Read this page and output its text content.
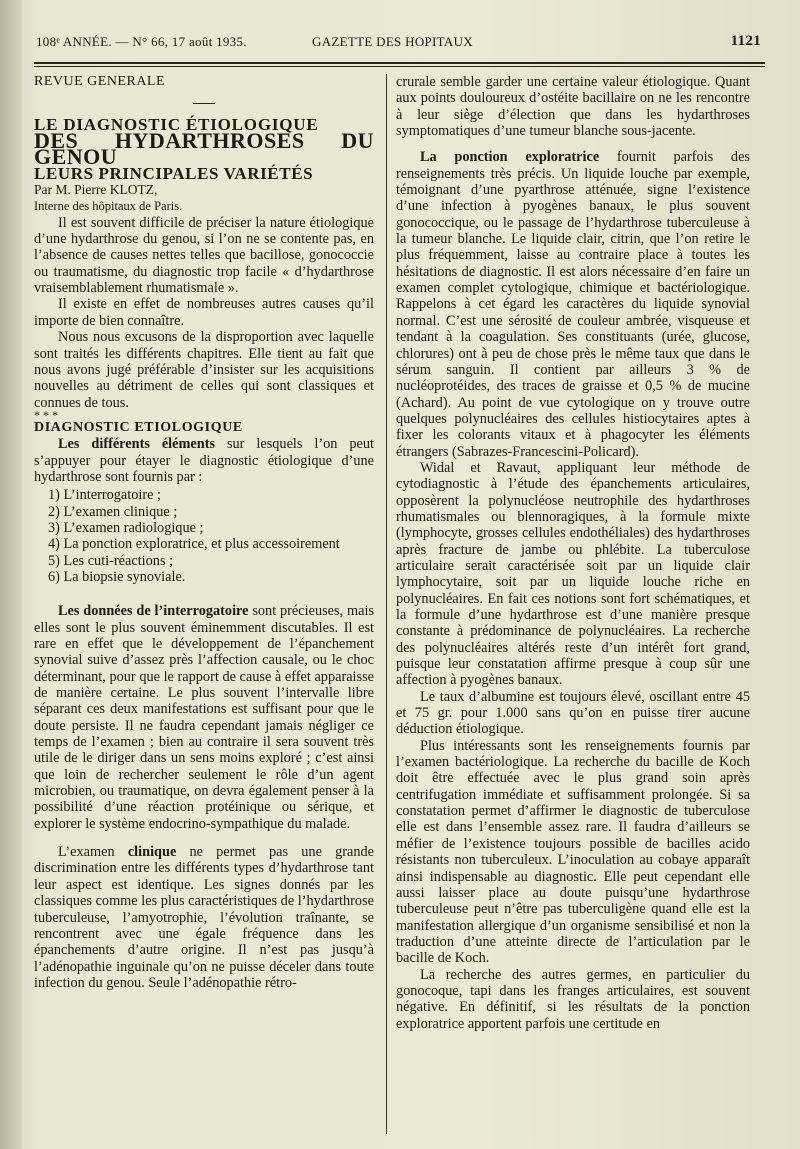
108ᵉ ANNÉE. — N° 66, 17 août 1935.	GAZETTE DES HOPITAUX	1121

REVUE GENERALE

LE DIAGNOSTIC ÉTIOLOGIQUE

DES HYDARTHROSES DU GENOU

LEURS PRINCIPALES VARIÉTÉS

Par M. Pierre KLOTZ,

Interne des hôpitaux de Paris.

Il est souvent difficile de préciser la nature étiologique d’une hydarthrose du genou, si l’on ne se contente pas, en l’absence de causes nettes telles que bacillose, gonococcie ou traumatisme, du diagnostic trop facile « d’hydarthrose vraisemblablement rhumatismale ».

Il existe en effet de nombreuses autres causes qu’il importe de bien connaître.

Nous nous excusons de la disproportion avec laquelle sont traités les différents chapitres. Elle tient au fait que nous avons jugé préférable d’insister sur les acquisitions nouvelles au détriment de celles qui sont classiques et connues de tous.

* * *

DIAGNOSTIC ETIOLOGIQUE

Les différents éléments sur lesquels l’on peut s’appuyer pour étayer le diagnostic étiologique d’une hydarthrose sont fournis par :

1) L’interrogatoire ;
2) L’examen clinique ;
3) L’examen radiologique ;
4) La ponction exploratrice, et plus accessoirement
5) Les cuti-réactions ;
6) La biopsie synoviale.

Les données de l’interrogatoire sont précieuses, mais elles sont le plus souvent éminemment discutables. Il est rare en effet que le développement de l’épanchement synovial suive d’assez près l’affection causale, ou le choc déterminant, pour que le rapport de cause à effet apparaisse de manière certaine. Le plus souvent l’intervalle libre séparant ces deux manifestations est suffisant pour que le doute persiste. Il ne faudra cependant jamais négliger ce temps de l’examen ; bien au contraire il sera souvent très utile de le diriger dans un sens moins exploré ; c’est ainsi que loin de rechercher seulement le rôle d’un agent microbien, ou traumatique, on devra également penser à la possibilité d’une réaction protéinique ou sérique, et explorer le système endocrino-sympathique du malade.

L’examen clinique ne permet pas une grande discrimination entre les différents types d’hydarthrose tant leur aspect est identique. Les signes donnés par les classiques comme les plus caractéristiques de l’hydarthrose tuberculeuse, l’amyotrophie, l’évolution traînante, se rencontrent avec une égale fréquence dans les épanchements d’autre origine. Il n’est pas jusqu’à l’adénopathie inguinale qu’on ne puisse déceler dans toute infection du genou. Seule l’adénopathie rétro-

crurale semble garder une certaine valeur étiologique. Quant aux points douloureux d’ostéite bacillaire on ne les rencontre à leur siège d’élection que dans les hydarthroses symptomatiques d’une tumeur blanche sous-jacente.

La ponction exploratrice fournit parfois des renseignements très précis. Un liquide louche par exemple, témoignant d’une pyarthrose atténuée, signe l’existence d’une infection à pyogènes banaux, le plus souvent gonococcique, ou le passage de l’hydarthrose tuberculeuse à la tumeur blanche. Le liquide clair, citrin, que l’on retire le plus fréquemment, laisse au contraire place à toutes les hésitations de diagnostic. Il est alors nécessaire d’en faire un examen complet cytologique, chimique et bactériologique. Rappelons à cet égard les caractères du liquide synovial normal. C’est une sérosité de couleur ambrée, visqueuse et tendant à la coagulation. Ses constituants (urée, glucose, chlorures) ont à peu de chose près le même taux que dans le sérum sanguin. Il contient par ailleurs 3 % de nucléoprotéides, des traces de graisse et 0,5 % de mucine (Achard). Au point de vue cytologique on y trouve outre quelques polynucléaires des cellules histiocytaires aptes à fixer les colorants vitaux et à phagocyter les éléments étrangers (Sabrazes-Francescini-Policard).

Widal et Ravaut, appliquant leur méthode de cytodiagnostic à l’étude des épanchements articulaires, opposèrent la polynucléose neutrophile des hydarthroses rhumatismales ou blennoragiques, à la formule mixte (lymphocyte, grosses cellules endothéliales) des hydarthroses après fracture de jambe ou phlébite. La tuberculose articulaire serait caractérisée soit par un liquide clair lymphocytaire, soit par un liquide louche riche en polynucléaires. En fait ces notions sont fort schématiques, et la formule d’une hydarthrose est d’une manière presque constante à prédominance de polynucléaires. La recherche des polynucléaires altérés reste d’un intérêt fort grand, puisque leur constatation affirme presque à coup sûr une affection à pyogènes banaux.

Le taux d’albumine est toujours élevé, oscillant entre 45 et 75 gr. pour 1.000 sans qu’on en puisse tirer aucune déduction étiologique.

Plus intéressants sont les renseignements fournis par l’examen bactériologique. La recherche du bacille de Koch doit être effectuée avec le plus grand soin après centrifugation immédiate et suffisamment prolongée. Si sa constatation permet d’affirmer le diagnostic de tuberculose elle est dans l’ensemble assez rare. Il faudra d’ailleurs se méfier de l’existence toujours possible de bacilles acido résistants non tuberculeux. L’inoculation au cobaye apparaît ainsi indispensable au diagnostic. Elle peut cependant elle aussi laisser place au doute puisqu’une hydarthrose tuberculeuse peut n’être pas tuberculigène quand elle est la manifestation allergique d’un organisme sensibilisé et non la traduction d’une atteinte directe de l’articulation par le bacille de Koch.

La recherche des autres germes, en particulier du gonocoque, tapi dans les franges articulaires, est souvent négative. En définitif, si les résultats de la ponction exploratrice apportent parfois une certitude en
